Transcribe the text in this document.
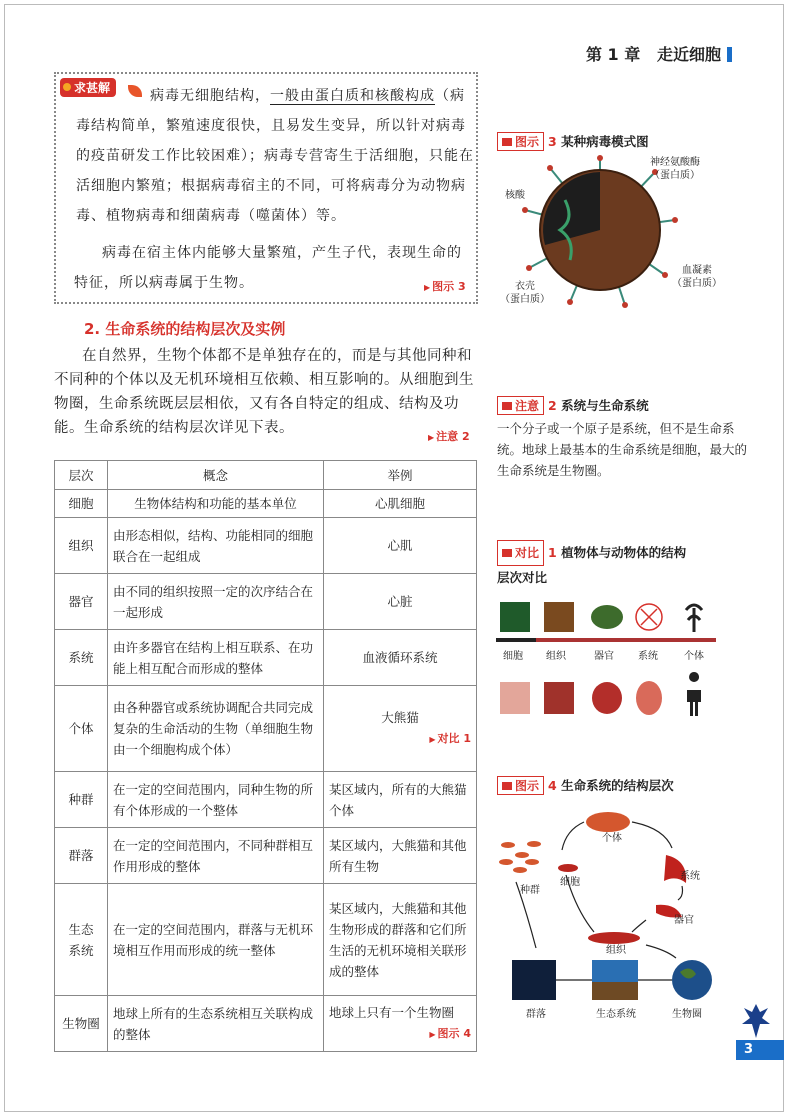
第 1 章 走近细胞
求甚解	病毒无细胞结构，一般由蛋白质和核酸构成（病毒结构简单，繁殖速度很快，且易发生变异，所以针对病毒的疫苗研发工作比较困难）；病毒专营寄生于活细胞，只能在活细胞内繁殖；根据病毒宿主的不同，可将病毒分为动物病毒、植物病毒和细菌病毒（噬菌体）等。

病毒在宿主体内能够大量繁殖，产生子代，表现生命的特征，所以病毒属于生物。	▶ 图示 3
2. 生命系统的结构层次及实例
在自然界，生物个体都不是单独存在的，而是与其他同种和不同种的个体以及无机环境相互依赖、相互影响的。从细胞到生物圈，生命系统既层层相依，又有各自特定的组成、结构及功能。生命系统的结构层次详见下表。
▶ 注意 2
层次	概念	举例
细胞	生物体结构和功能的基本单位	心肌细胞
组织	由形态相似，结构、功能相同的细胞联合在一起组成	心肌
器官	由不同的组织按照一定的次序结合在一起形成	心脏
系统	由许多器官在结构上相互联系、在功能上相互配合而形成的整体	血液循环系统
个体	由各种器官或系统协调配合共同完成复杂的生命活动的生物（单细胞生物由一个细胞构成个体）	大熊猫
▶ 对比 1

种群	在一定的空间范围内，同种生物的所有个体形成的一个整体	某区域内，所有的大熊猫个体
群落	在一定的空间范围内，不同种群相互作用形成的整体	某区域内，大熊猫和其他所有生物
生态系统	在一定的空间范围内，群落与无机环境相互作用而形成的统一整体	某区域内，大熊猫和其他生物形成的群落和它们所生活的无机环境相关联形成的整体
生物圈	地球上所有的生态系统相互关联构成的整体	地球上只有一个生物圈
▶ 图示 4
图示 3 某种病毒模式图
神经氨酸酶
（蛋白质）
核酸
血凝素
（蛋白质）
衣壳
（蛋白质）
注意 2 系统与生命系统
一个分子或一个原子是系统，但不是生命系统。地球上最基本的生命系统是细胞，最大的生命系统是生物圈。
对比 1 植物体与动物体的结构
层次对比
细胞 组织	器官 系统	个体
图示 4 生命系统的结构层次
个体
系统
器官
组织
细胞
种群
群落	生态系统	生物圈
3
